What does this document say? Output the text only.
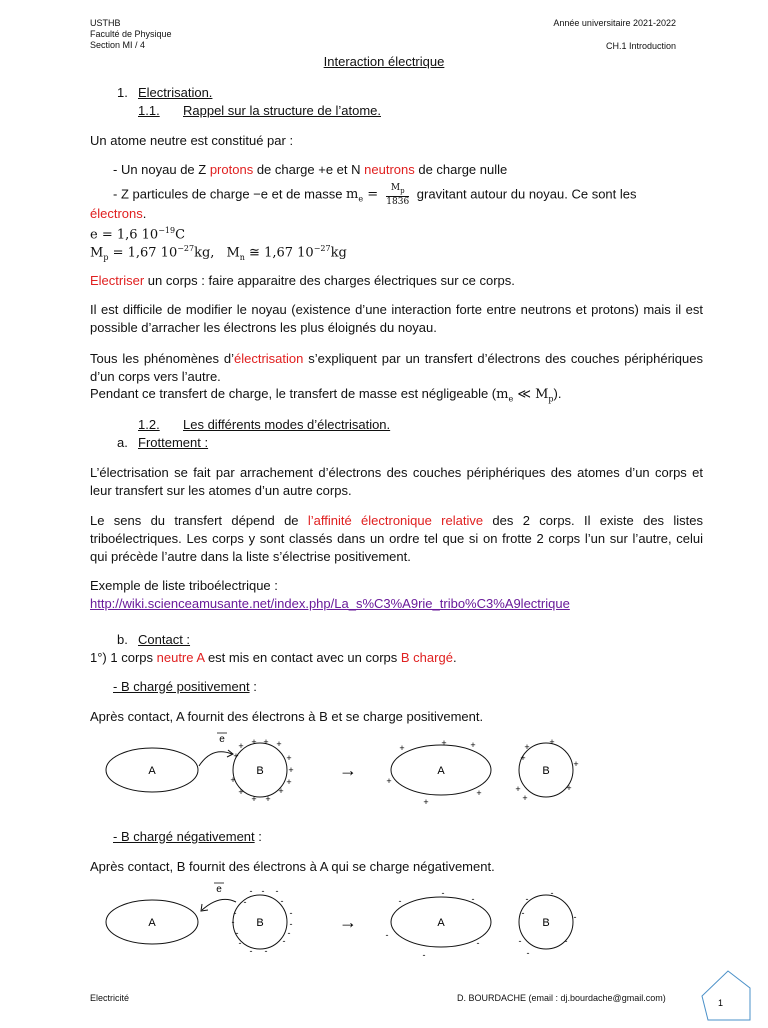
USTHB
Faculté de Physique
Section MI / 4
Année universitaire 2021-2022
CH.1 Introduction
Interaction électrique
1. Electrisation.
1.1. Rappel sur la structure de l’atome.
Un atome neutre est constitué par :
- Un noyau de Z protons de charge +e et N neutrons de charge nulle
- Z particules de charge −e et de masse $m_e = \frac{M_p}{1836}$ gravitant autour du noyau. Ce sont les
électrons.
e = 1,6 $10^{-19}C$
$M_p = 1,67$ $10^{-27}kg$, $M_n$ ≅ 1,67 $10^{-27}kg$
Electriser un corps : faire apparaitre des charges électriques sur ce corps.
Il est difficile de modifier le noyau (existence d’une interaction forte entre neutrons et protons) mais il est possible d’arracher les électrons les plus éloignés du noyau.
Tous les phénomènes d’électrisation s’expliquent par un transfert d’électrons des couches périphériques d’un corps vers l’autre.
Pendant ce transfert de charge, le transfert de masse est négligeable ($m_e$ ≪ $M_p$).
1.2. Les différents modes d’électrisation.
a. Frottement :
L’électrisation se fait par arrachement d’électrons des couches périphériques des atomes d’un corps et leur transfert sur les atomes d’un autre corps.
Le sens du transfert dépend de l’affinité électronique relative des 2 corps. Il existe des listes triboélectriques. Les corps y sont classés dans un ordre tel que si on frotte 2 corps l’un sur l’autre, celui qui précède l’autre dans la liste s’électrise positivement.
Exemple de liste triboélectrique :
http://wiki.scienceamusante.net/index.php/La_s%C3%A9rie_tribo%C3%A9lectrique
b. Contact :
1°) 1 corps neutre A est mis en contact avec un corps B chargé.
- B chargé positivement :
Après contact, A fournit des électrons à B et se charge positivement.
A	B
e
+ + + +
+	+
+
+	+
+
+ +
+
→	A	B
+	+	+
+
+
+
+ +
+
+
+
+
+
- B chargé négativement :
Après contact, B fournit des électrons à A qui se charge négativement.
A	B
e	- - -
-	-
-	-
-	-
-	-
-	-
- -
→	A	B
-
-
-
-
-
-
-
-
-	-
-	-
-
Electricité	D. BOURDACHE (email : dj.bourdache@gmail.com)	1
